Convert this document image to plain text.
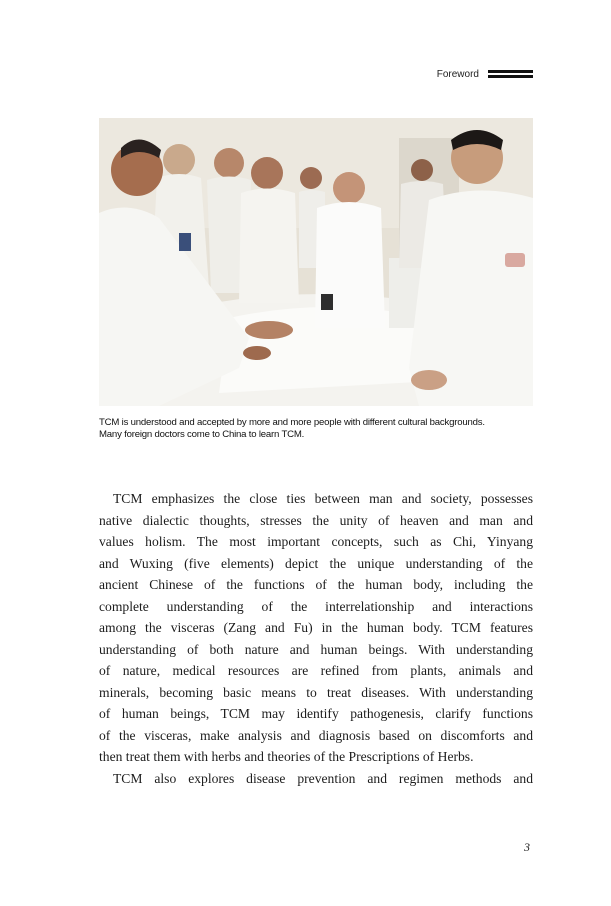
Foreword
TCM is understood and accepted by more and more people with different cultural backgrounds.
Many foreign doctors come to China to learn TCM.
TCM emphasizes the close ties between man and society, possesses
native dialectic thoughts, stresses the unity of heaven and man and
values holism. The most important concepts, such as Chi, Yinyang
and Wuxing (five elements) depict the unique understanding of the
ancient Chinese of the functions of the human body, including the
complete understanding of the interrelationship and interactions
among the visceras (Zang and Fu) in the human body. TCM features
understanding of both nature and human beings. With understanding
of nature, medical resources are refined from plants, animals and
minerals, becoming basic means to treat diseases. With understanding
of human beings, TCM may identify pathogenesis, clarify functions
of the visceras, make analysis and diagnosis based on discomforts and
then treat them with herbs and theories of the Prescriptions of Herbs.
TCM also explores disease prevention and regimen methods and
3
